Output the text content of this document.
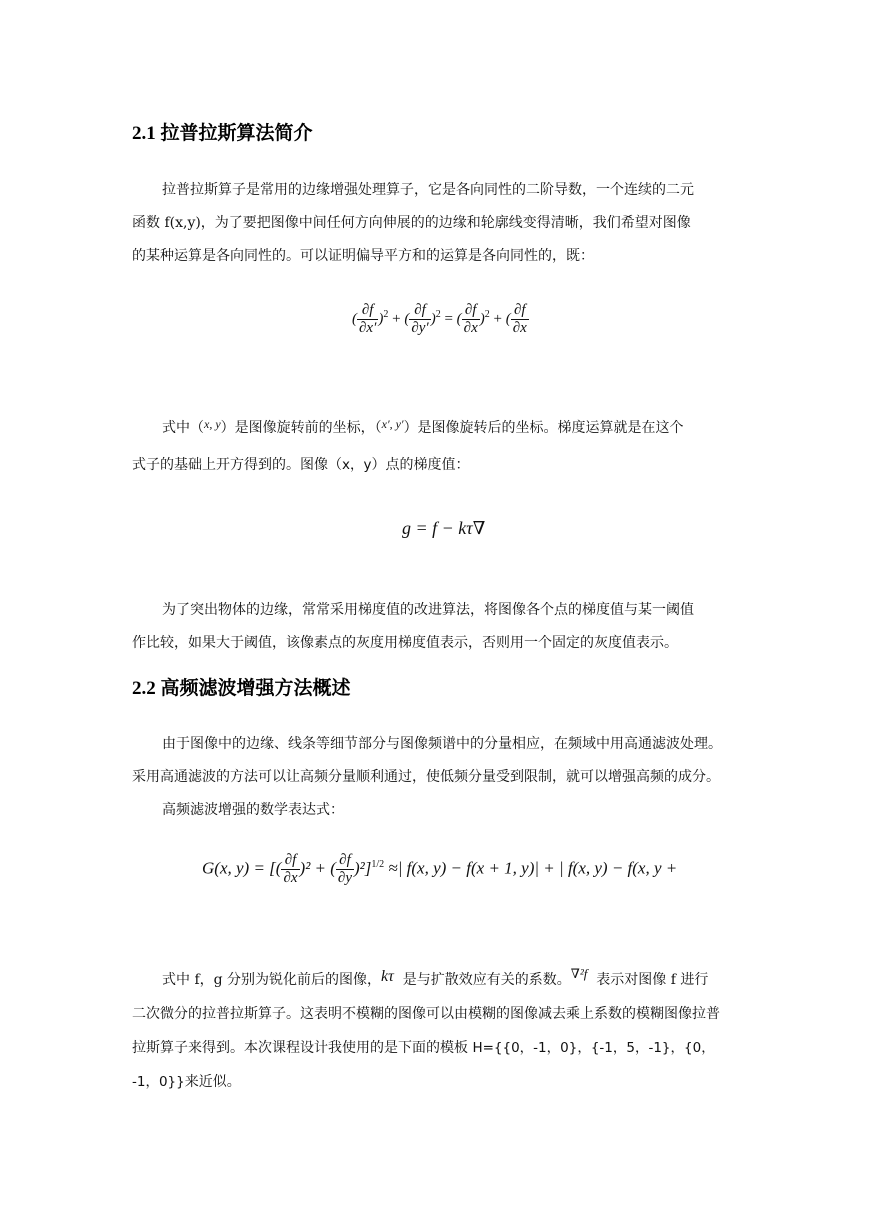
2.1 拉普拉斯算法简介
拉普拉斯算子是常用的边缘增强处理算子，它是各向同性的二阶导数，一个连续的二元
函数 f(x,y)，为了要把图像中间任何方向伸展的的边缘和轮廓线变得清晰，我们希望对图像
的某种运算是各向同性的。可以证明偏导平方和的运算是各向同性的，既：
( $\frac{\partial f}{\partial x'} )^2$ + ( $\frac{\partial f}{\partial y'} )^2$ = ( $\frac{\partial f}{\partial x} )^2$ + ( $\frac{\partial f}{\partial x}$
式中（x, y）是图像旋转前的坐标，（x′, y′）是图像旋转后的坐标。梯度运算就是在这个
式子的基础上开方得到的。图像（x，y）点的梯度值：
g = f − kτ∇
为了突出物体的边缘，常常采用梯度值的改进算法，将图像各个点的梯度值与某一阈值
作比较，如果大于阈值，该像素点的灰度用梯度值表示，否则用一个固定的灰度值表示。
2.2 高频滤波增强方法概述
由于图像中的边缘、线条等细节部分与图像频谱中的分量相应，在频域中用高通滤波处理。
采用高通滤波的方法可以让高频分量顺利通过，使低频分量受到限制，就可以增强高频的成分。
高频滤波增强的数学表达式：
G(x, y) = [( $\frac{\partial f}{\partial x} )^2$ + ( $\frac{\partial f}{\partial y} )^2]^{1/2}$ ≈| f(x, y) − f(x + 1, y)| + | f(x, y) − f(x, y +
式中 f，g 分别为锐化前后的图像，kτ 是与扩散效应有关的系数。∇²f 表示对图像 f 进行
二次微分的拉普拉斯算子。这表明不模糊的图像可以由模糊的图像减去乘上系数的模糊图像拉普
拉斯算子来得到。本次课程设计我使用的是下面的模板 H={{0，-1，0}，{-1，5，-1}，{0，
-1，0}}来近似。
